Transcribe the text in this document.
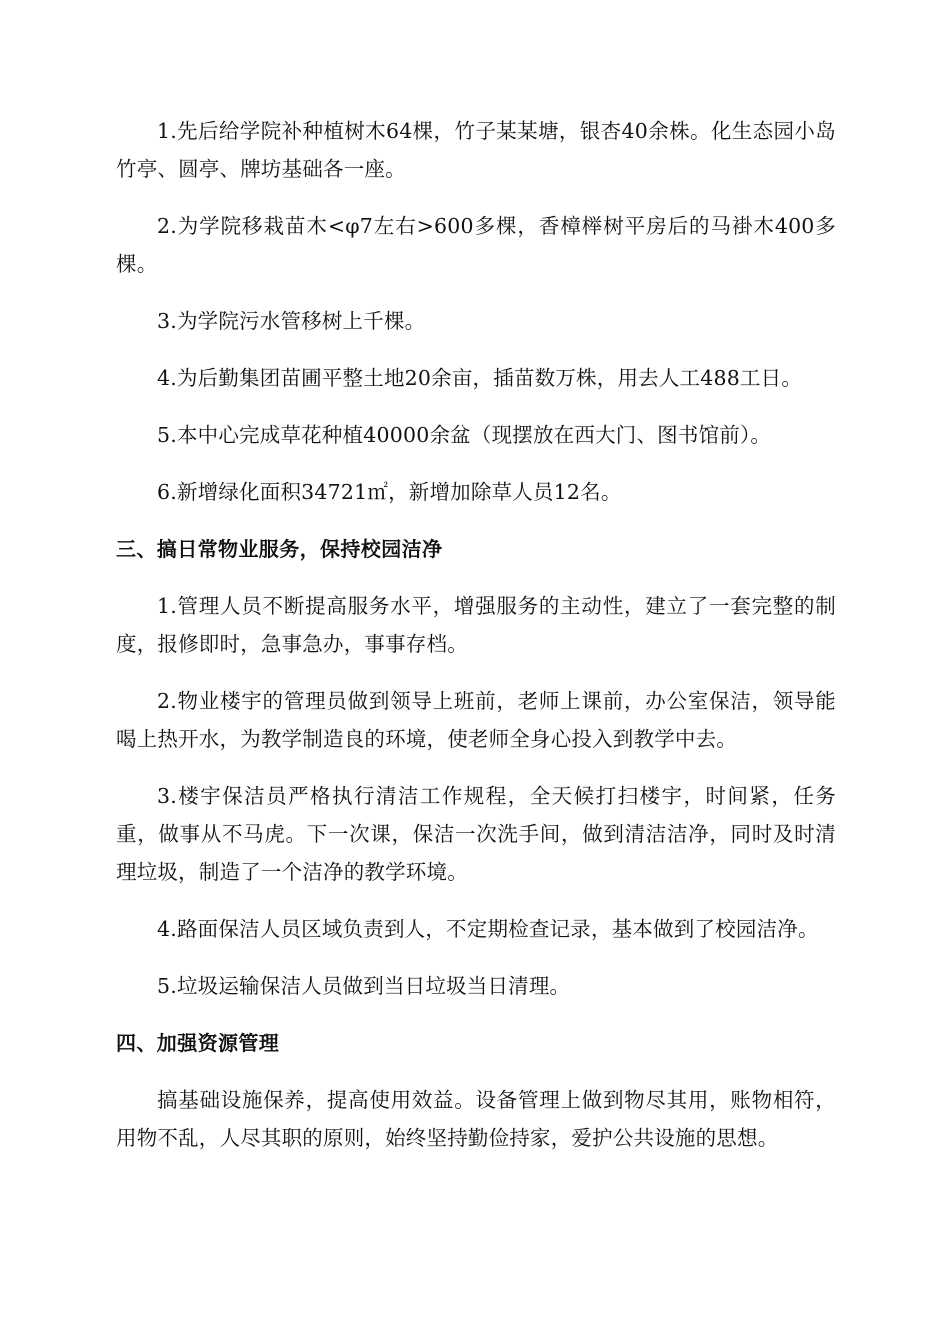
1.先后给学院补种植树木64棵，竹子某某塘，银杏40余株。化生态园小岛竹亭、圆亭、牌坊基础各一座。

2.为学院移栽苗木<φ7左右>600多棵，香樟榉树平房后的马褂木400多棵。

3.为学院污水管移树上千棵。

4.为后勤集团苗圃平整土地20余亩，插苗数万株，用去人工488工日。

5.本中心完成草花种植40000余盆（现摆放在西大门、图书馆前）。

6.新增绿化面积34721㎡，新增加除草人员12名。

三、搞日常物业服务，保持校园洁净

1.管理人员不断提高服务水平，增强服务的主动性，建立了一套完整的制度，报修即时，急事急办，事事存档。

2.物业楼宇的管理员做到领导上班前，老师上课前，办公室保洁，领导能喝上热开水，为教学制造良的环境，使老师全身心投入到教学中去。

3.楼宇保洁员严格执行清洁工作规程，全天候打扫楼宇，时间紧，任务重，做事从不马虎。下一次课，保洁一次洗手间，做到清洁洁净，同时及时清理垃圾，制造了一个洁净的教学环境。

4.路面保洁人员区域负责到人，不定期检查记录，基本做到了校园洁净。

5.垃圾运输保洁人员做到当日垃圾当日清理。

四、加强资源管理

搞基础设施保养，提高使用效益。设备管理上做到物尽其用，账物相符，用物不乱，人尽其职的原则，始终坚持勤俭持家，爱护公共设施的思想。
